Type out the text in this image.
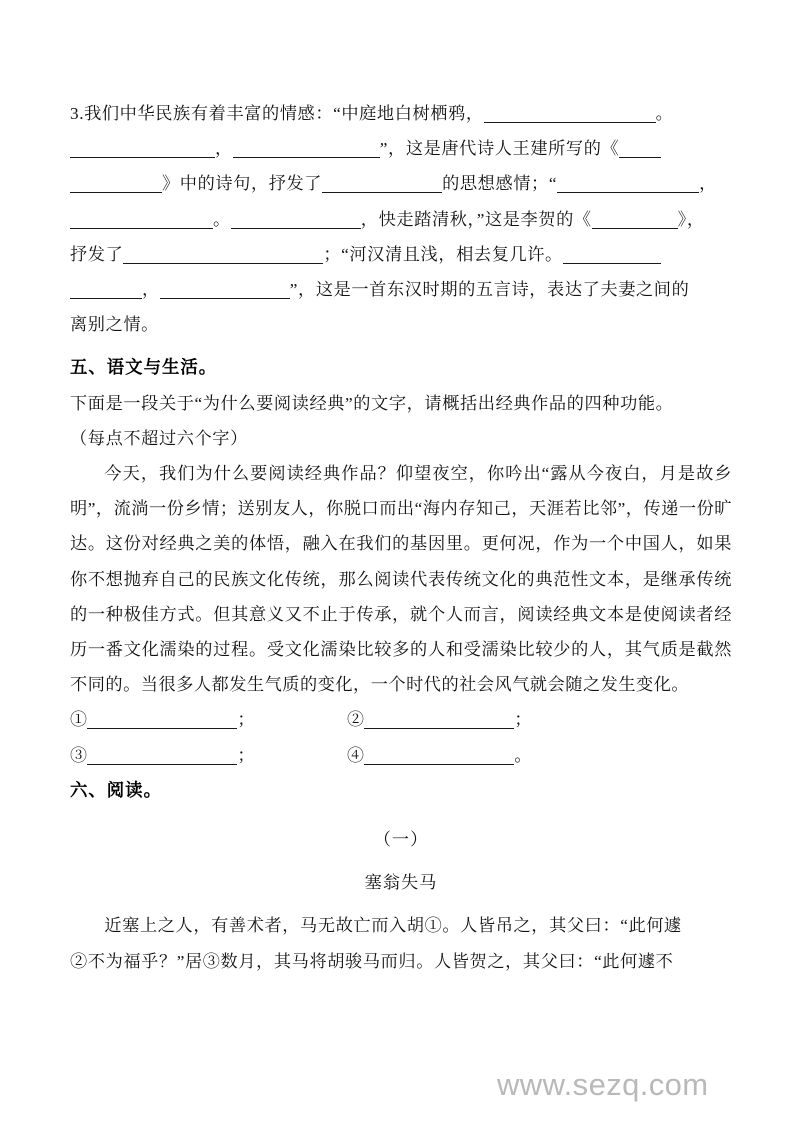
3.我们中华民族有着丰富的情感：“中庭地白树栖鸦，	。
，	”，这是唐代诗人王建所写的《
》中的诗句，抒发了	的思想感情；“	，
。	，快走踏清秋，”这是李贺的《	》，
抒发了	；“河汉清且浅，相去复几许。
，	”，这是一首东汉时期的五言诗，表达了夫妻之间的
离别之情。
五、语文与生活。
下面是一段关于“为什么要阅读经典”的文字，请概括出经典作品的四种功能。
（每点不超过六个字）
今天，我们为什么要阅读经典作品？仰望夜空，你吟出“露从今夜白，月是故乡明”，流淌一份乡情；送别友人，你脱口而出“海内存知己，天涯若比邻”，传递一份旷达。这份对经典之美的体悟，融入在我们的基因里。更何况，作为一个中国人，如果你不想抛弃自己的民族文化传统，那么阅读代表传统文化的典范性文本，是继承传统的一种极佳方式。但其意义又不止于传承，就个人而言，阅读经典文本是使阅读者经历一番文化濡染的过程。受文化濡染比较多的人和受濡染比较少的人，其气质是截然不同的。当很多人都发生气质的变化，一个时代的社会风气就会随之发生变化。
①	；	②	；
③	；	④	。
六、阅读。
（一）
塞翁失马
近塞上之人，有善术者，马无故亡而入胡①。人皆吊之，其父曰：“此何遽
②不为福乎？”居③数月，其马将胡骏马而归。人皆贺之，其父曰：“此何遽不
www.sezq.com
